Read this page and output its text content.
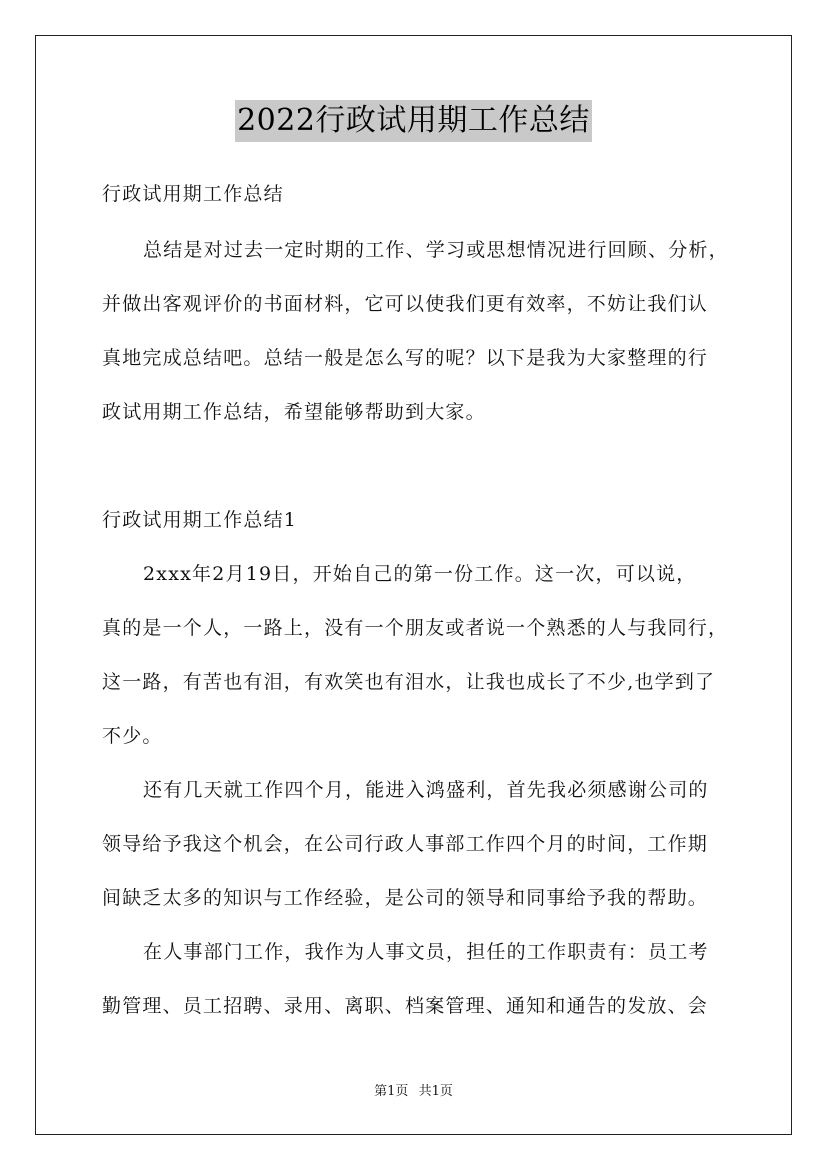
2022行政试用期工作总结
行政试用期工作总结
总结是对过去一定时期的工作、学习或思想情况进行回顾、分析，
并做出客观评价的书面材料，它可以使我们更有效率，不妨让我们认
真地完成总结吧。总结一般是怎么写的呢？以下是我为大家整理的行
政试用期工作总结，希望能够帮助到大家。
行政试用期工作总结1
2xxx年2月19日，开始自己的第一份工作。这一次，可以说，
真的是一个人，一路上，没有一个朋友或者说一个熟悉的人与我同行，
这一路，有苦也有泪，有欢笑也有泪水，让我也成长了不少,也学到了
不少。
还有几天就工作四个月，能进入鸿盛利，首先我必须感谢公司的
领导给予我这个机会，在公司行政人事部工作四个月的时间，工作期
间缺乏太多的知识与工作经验，是公司的领导和同事给予我的帮助。
在人事部门工作，我作为人事文员，担任的工作职责有：员工考
勤管理、员工招聘、录用、离职、档案管理、通知和通告的发放、会
第1页 共1页
